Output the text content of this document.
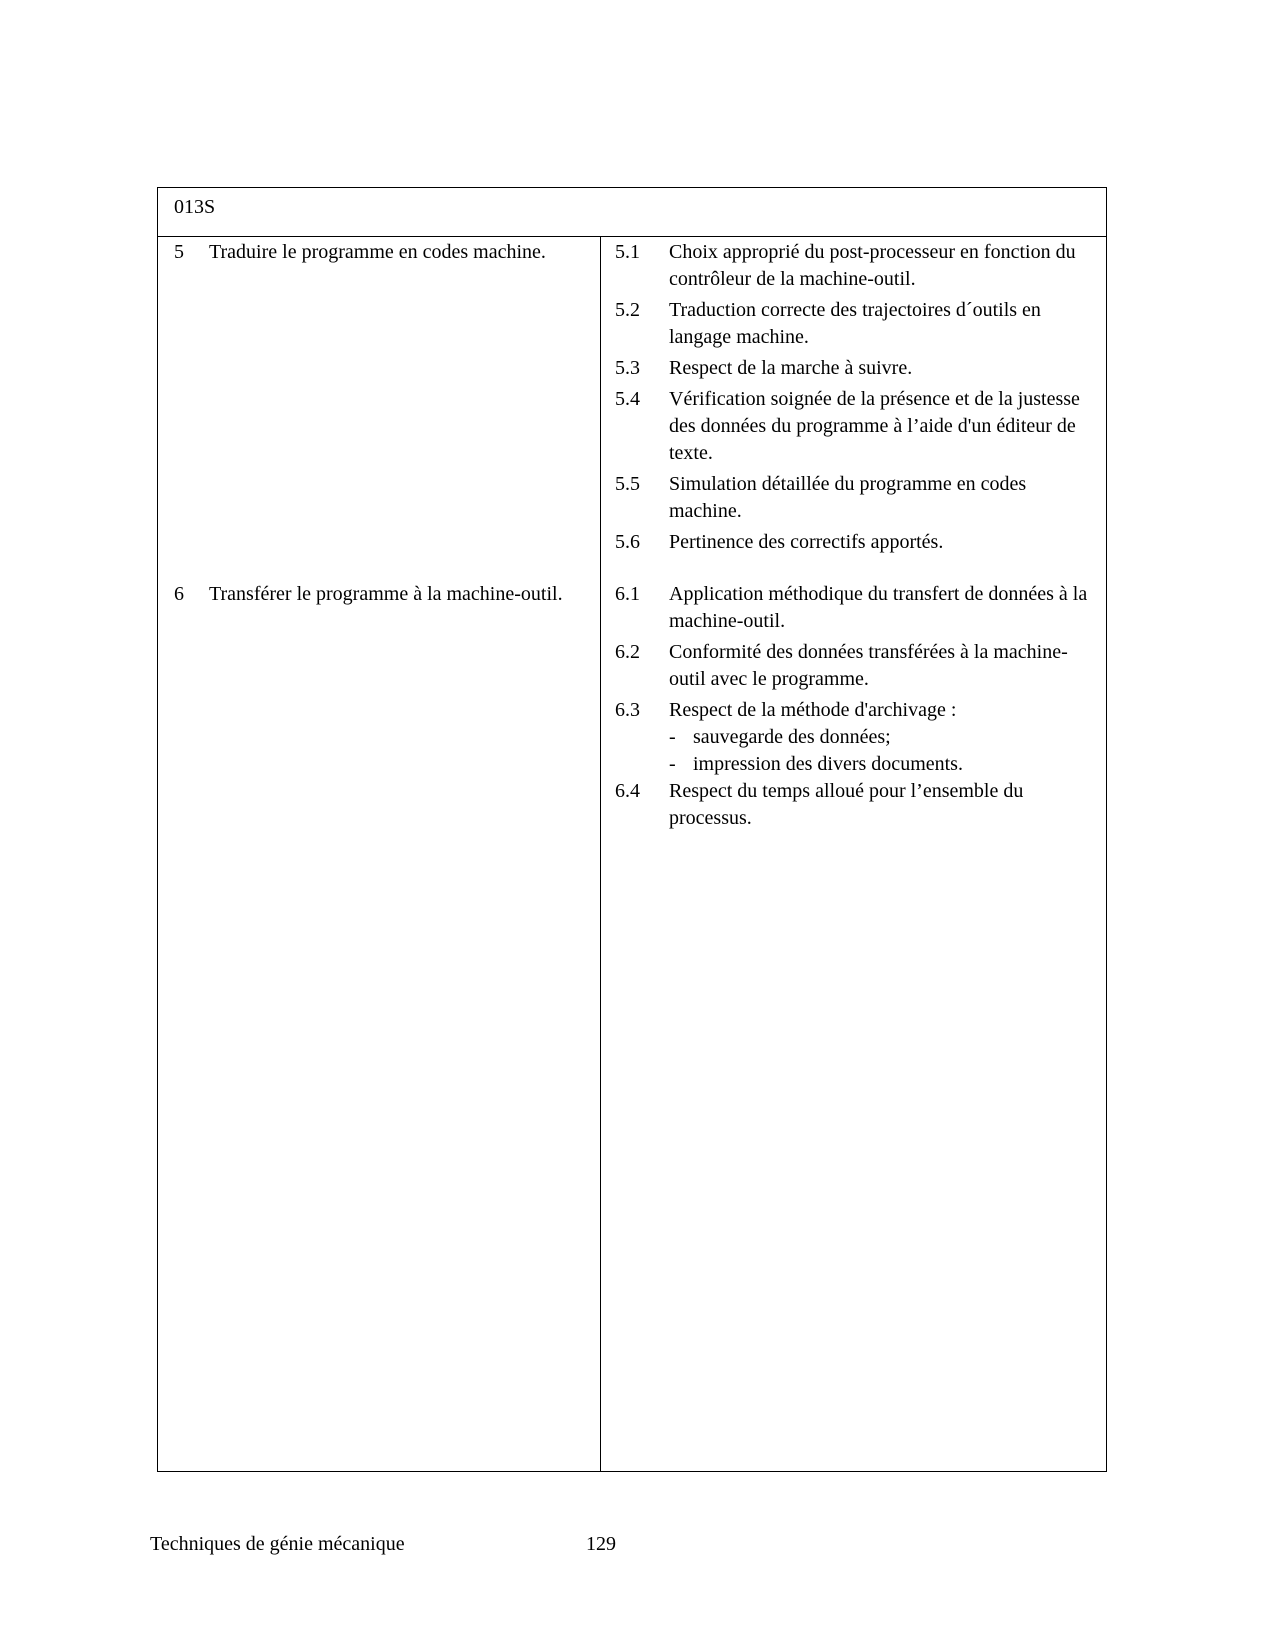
013S
5 Traduire le programme en codes machine.	5.1 Choix approprié du post-processeur en fonction du contrôleur de la machine-outil.
5.2 Traduction correcte des trajectoires d´outils en langage machine.
5.3 Respect de la marche à suivre.
5.4 Vérification soignée de la présence et de la justesse des données du programme à l’aide d'un éditeur de texte.
5.5 Simulation détaillée du programme en codes machine.
5.6 Pertinence des correctifs apportés.
6 Transférer le programme à la machine-outil.	6.1 Application méthodique du transfert de données à la machine-outil.
6.2 Conformité des données transférées à la machine-outil avec le programme.
6.3 Respect de la méthode d'archivage :
- sauvegarde des données;
- impression des divers documents.
6.4 Respect du temps alloué pour l’ensemble du processus.
Techniques de génie mécanique	129
